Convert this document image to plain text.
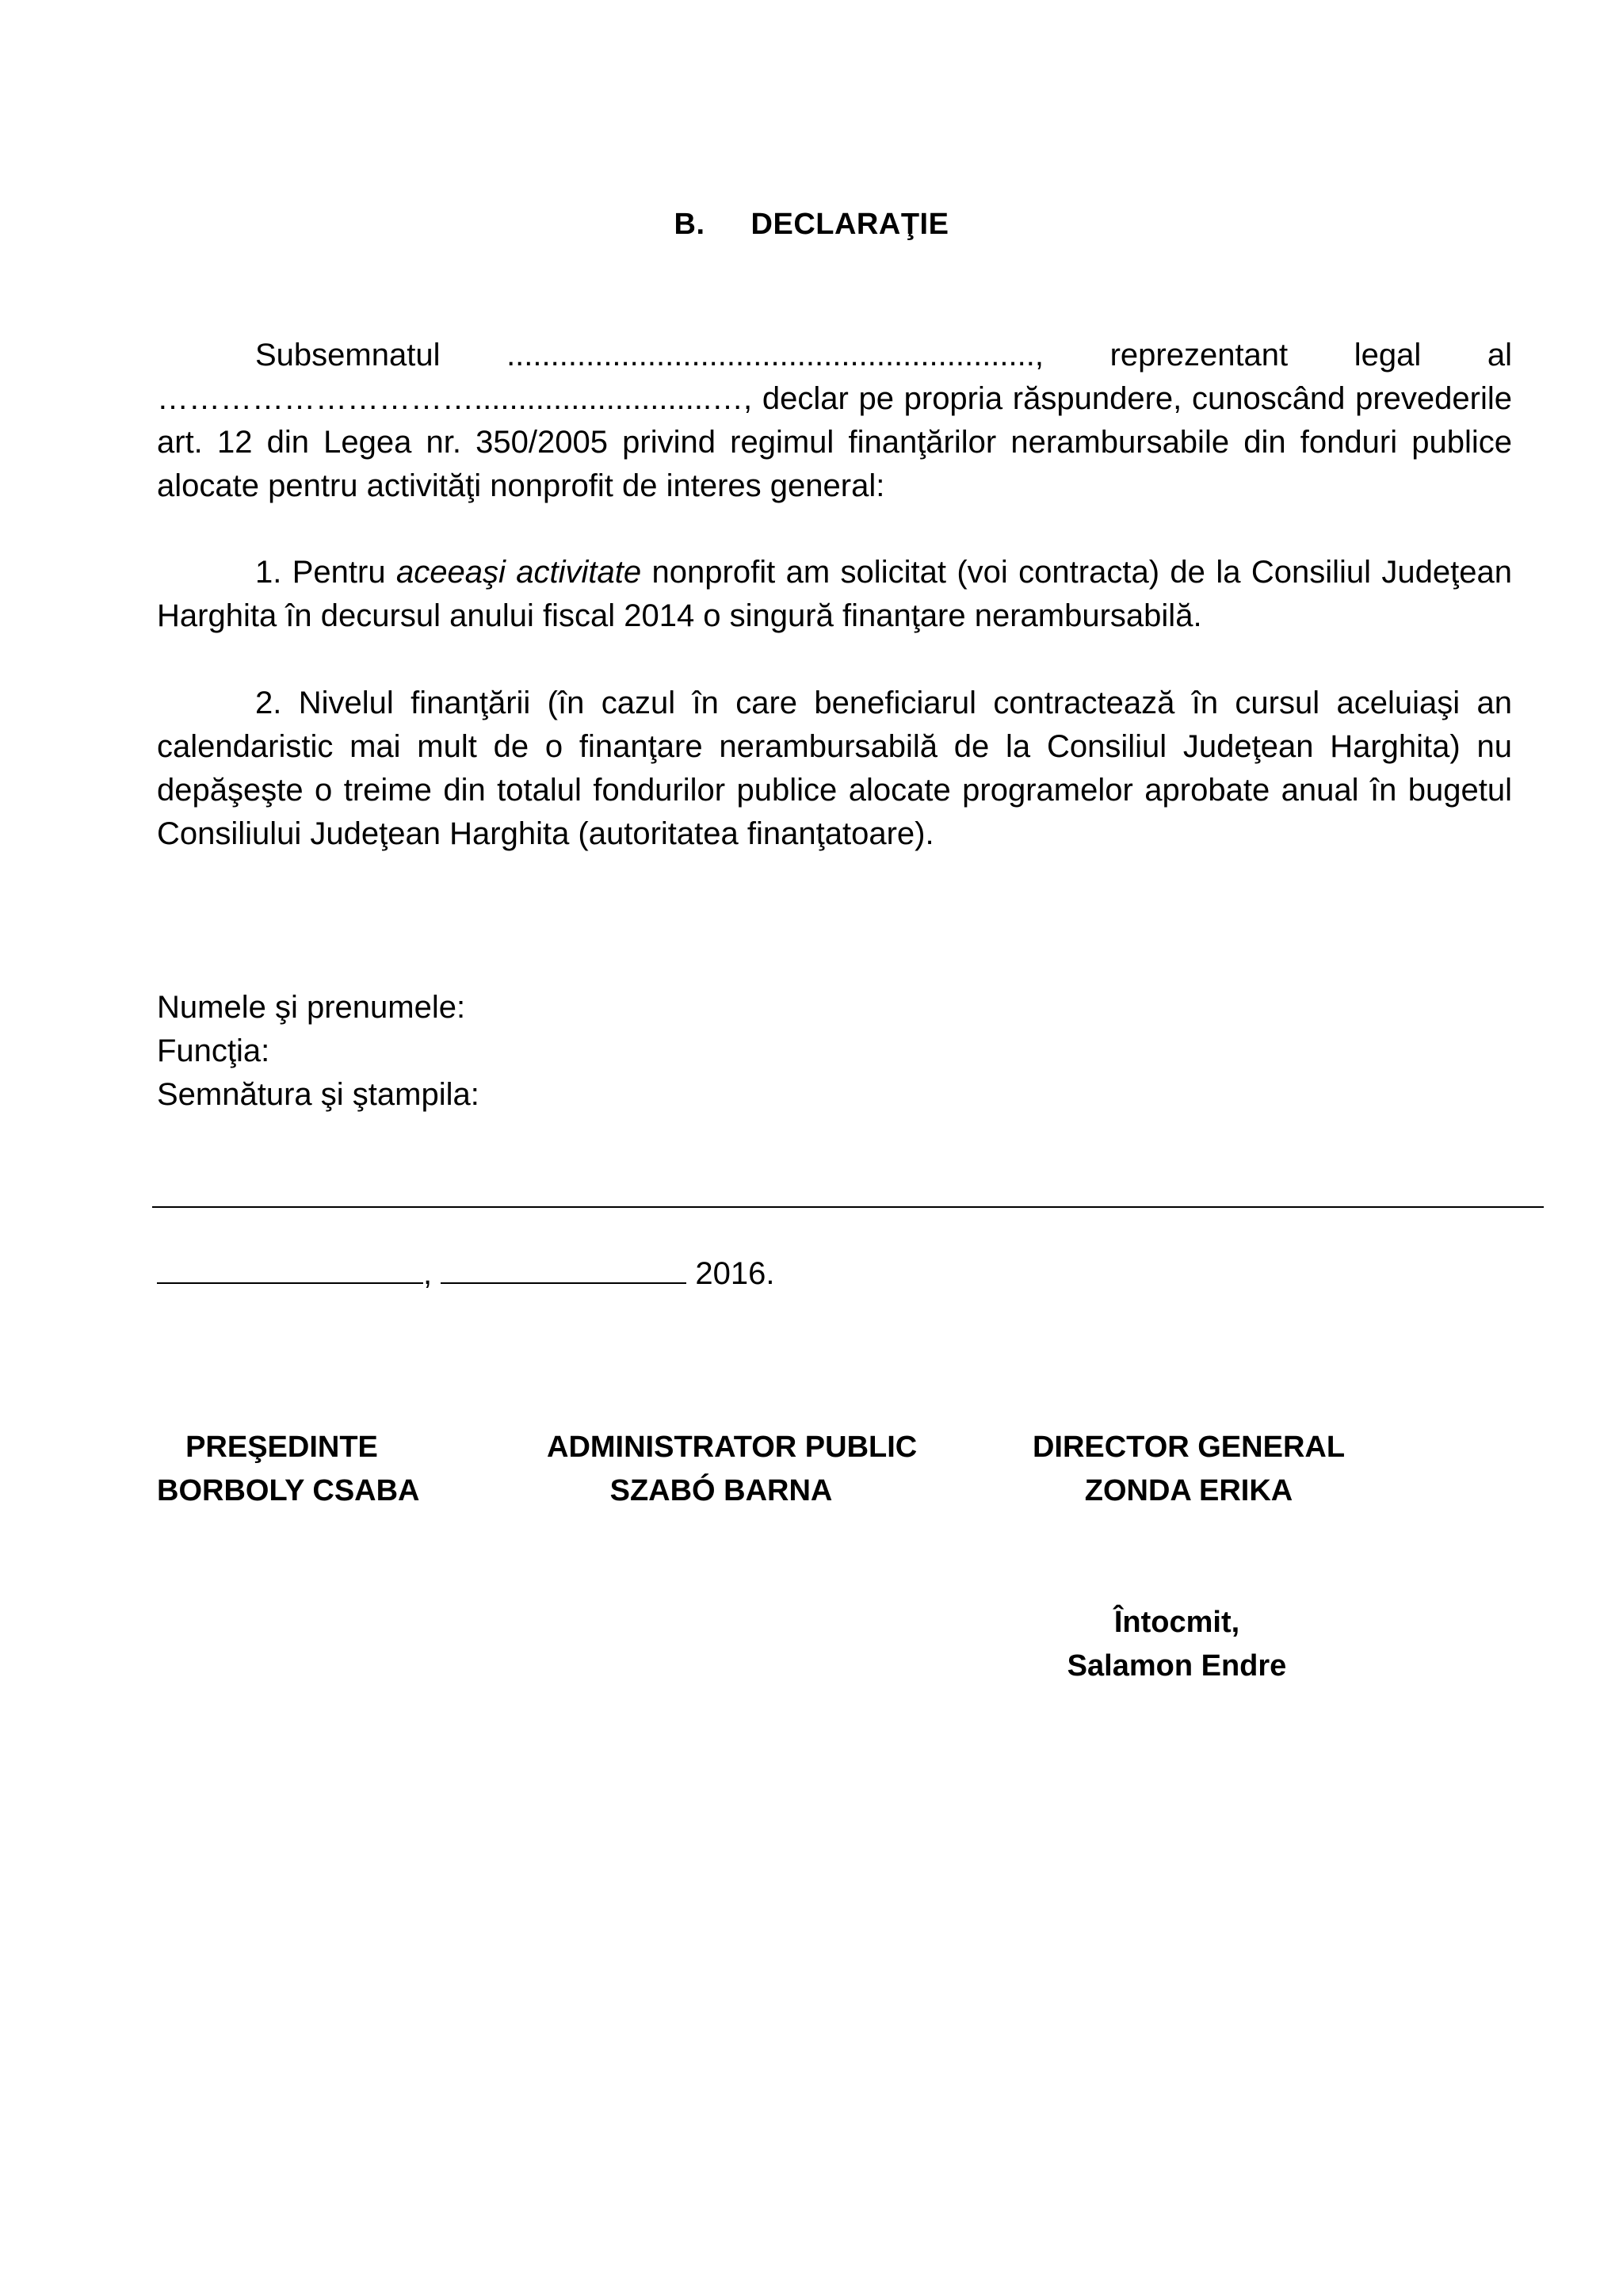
B. DECLARAŢIE
Subsemnatul ............................................................, reprezentant legal al …………………………...........................…, declar pe propria răspundere, cunoscând prevederile art. 12 din Legea nr. 350/2005 privind regimul finanţărilor nerambursabile din fonduri publice alocate pentru activităţi nonprofit de interes general:
1. Pentru aceeaşi activitate nonprofit am solicitat (voi contracta) de la Consiliul Judeţean Harghita în decursul anului fiscal 2014 o singură finanţare nerambursabilă.
2. Nivelul finanţării (în cazul în care beneficiarul contractează în cursul aceluiaşi an calendaristic mai mult de o finanţare nerambursabilă de la Consiliul Judeţean Harghita) nu depăşeşte o treime din totalul fondurilor publice alocate programelor aprobate anual în bugetul Consiliului Judeţean Harghita (autoritatea finanţatoare).
Numele şi prenumele:
Funcţia:
Semnătura şi ştampila:
,	2016.
PREŞEDINTE
BORBOLY CSABA
ADMINISTRATOR PUBLIC
SZABÓ BARNA
DIRECTOR GENERAL
ZONDA ERIKA
Întocmit,
Salamon Endre
